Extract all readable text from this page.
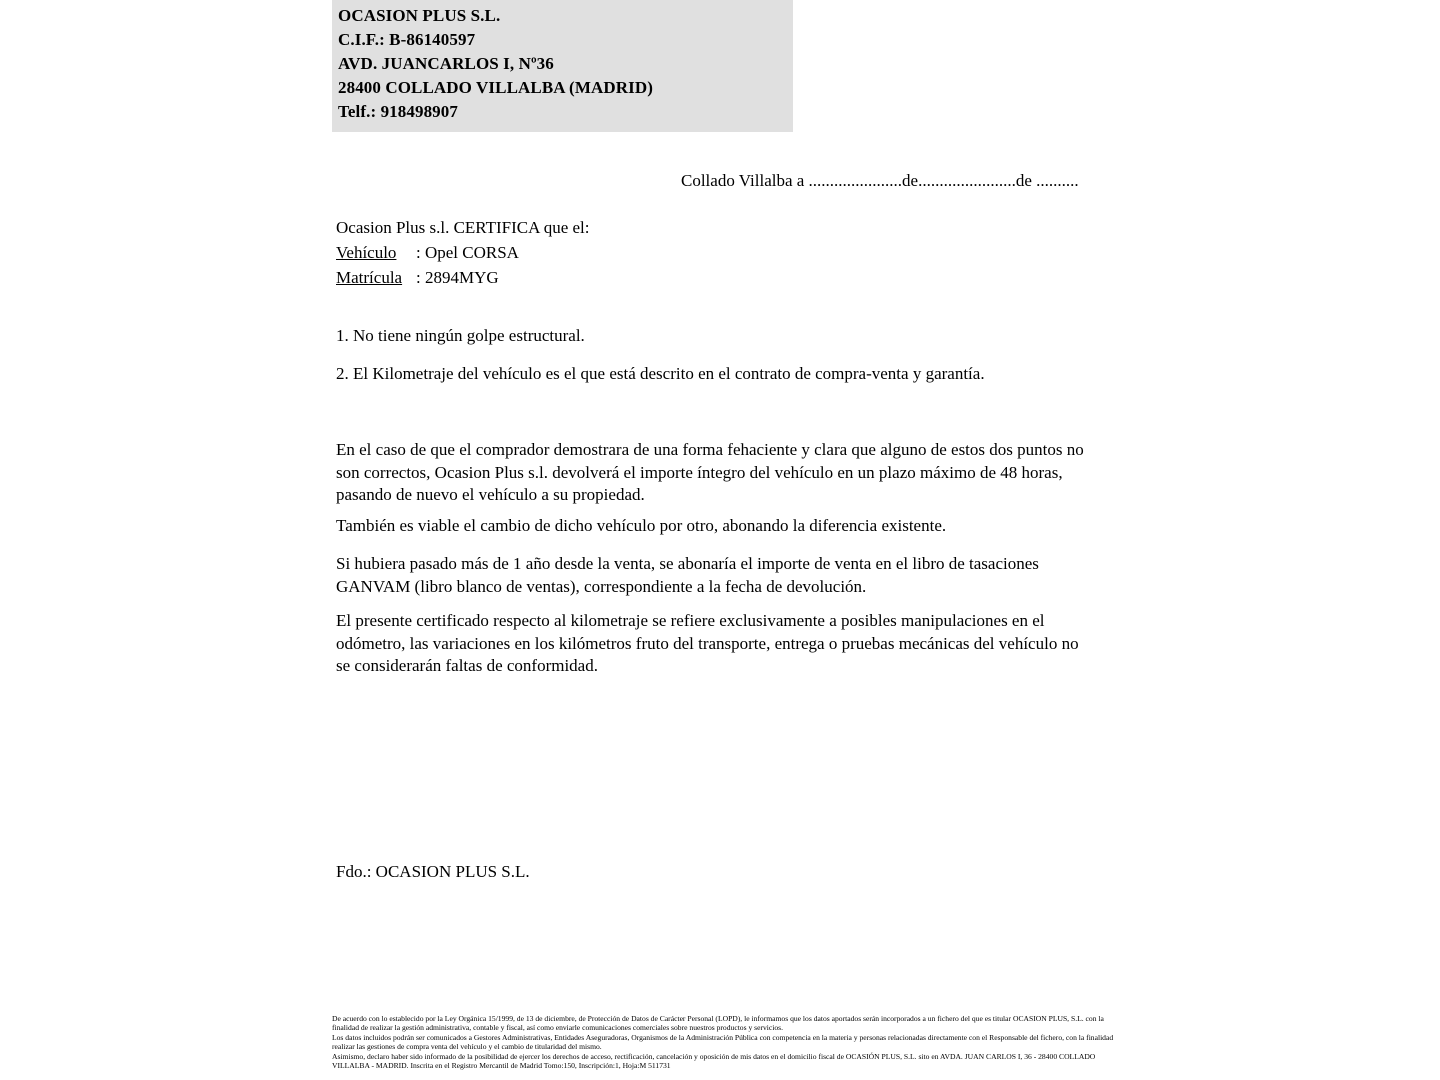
OCASION PLUS S.L.
C.I.F.: B-86140597
AVD. JUANCARLOS I, Nº36
28400 COLLADO VILLALBA (MADRID)
Telf.: 918498907
Collado Villalba a ......................de.......................de ..........
Ocasion Plus s.l. CERTIFICA que el:
Vehículo : Opel CORSA
Matrícula : 2894MYG
1. No tiene ningún golpe estructural.
2. El Kilometraje del vehículo es el que está descrito en el contrato de compra-venta y garantía.
En el caso de que el comprador demostrara de una forma fehaciente y clara que alguno de estos dos puntos no son correctos, Ocasion Plus s.l. devolverá el importe íntegro del vehículo en un plazo máximo de 48 horas, pasando de nuevo el vehículo a su propiedad.
También es viable el cambio de dicho vehículo por otro, abonando la diferencia existente.
Si hubiera pasado más de 1 año desde la venta, se abonaría el importe de venta en el libro de tasaciones GANVAM (libro blanco de ventas), correspondiente a la fecha de devolución.
El presente certificado respecto al kilometraje se refiere exclusivamente a posibles manipulaciones en el odómetro, las variaciones en los kilómetros fruto del transporte, entrega o pruebas mecánicas del vehículo no se considerarán faltas de conformidad.
Fdo.: OCASION PLUS S.L.

De acuerdo con lo establecido por la Ley Orgánica 15/1999, de 13 de diciembre, de Protección de Datos de Carácter Personal (LOPD), le informamos que los datos aportados serán incorporados a un fichero del que es titular OCASION PLUS, S.L. con la finalidad de realizar la gestión administrativa, contable y fiscal, así como enviarle comunicaciones comerciales sobre nuestros productos y servicios.

Los datos incluidos podrán ser comunicados a Gestores Administrativas, Entidades Aseguradoras, Organismos de la Administración Pública con competencia en la materia y personas relacionadas directamente con el Responsable del fichero, con la finalidad realizar las gestiones de compra venta del vehículo y el cambio de titularidad del mismo.

Asimismo, declaro haber sido informado de la posibilidad de ejercer los derechos de acceso, rectificación, cancelación y oposición de mis datos en el domicilio fiscal de OCASIÓN PLUS, S.L. sito en AVDA. JUAN CARLOS I, 36 - 28400 COLLADO VILLALBA - MADRID. Inscrita en el Registro Mercantil de Madrid Tomo:150, Inscripción:1, Hoja:M 511731
